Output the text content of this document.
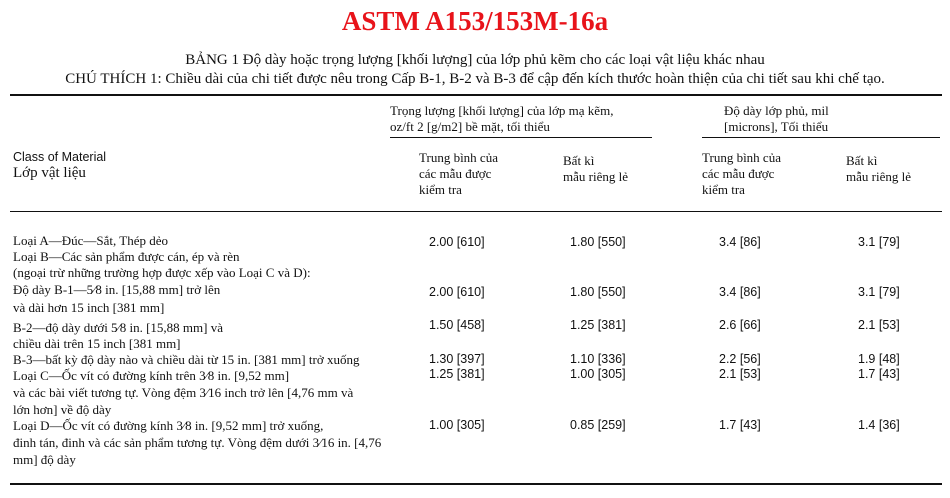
ASTM A153/153M-16a
BẢNG 1 Độ dày hoặc trọng lượng [khối lượng] của lớp phủ kẽm cho các loại vật liệu khác nhau
CHÚ THÍCH 1: Chiều dài của chi tiết được nêu trong Cấp B-1, B-2 và B-3 để cập đến kích thước hoàn thiện của chi tiết sau khi chế tạo.
Trọng lượng [khối lượng] của lớp mạ kẽm,
oz/ft 2 [g/m2] bề mặt, tối thiểu
Độ dày lớp phủ, mil
[microns], Tối thiểu
Class of Material
Lớp vật liệu
Trung bình của
các mẫu được
kiểm tra
Bất kì
mẫu riêng lẻ
Trung bình của
các mẫu được
kiểm tra
Bất kì
mẫu riêng lẻ
Loại A—Đúc—Sắt, Thép dẻo	2.00 [610]	1.80 [550]	3.4 [86]	3.1 [79]
Loại B—Các sản phẩm được cán, ép và rèn
(ngoại trừ những trường hợp được xếp vào Loại C và D):
Độ dày B-1—5⁄8 in. [15,88 mm] trở lên
và dài hơn 15 inch [381 mm]
2.00 [610]	1.80 [550]	3.4 [86]	3.1 [79]
B-2—độ dày dưới 5⁄8 in. [15,88 mm] và
chiều dài trên 15 inch [381 mm]
1.50 [458]	1.25 [381]	2.6 [66]	2.1 [53]
B-3—bất kỳ độ dày nào và chiều dài từ 15 in. [381 mm] trở xuống	1.30 [397]	1.10 [336]	2.2 [56]	1.9 [48]
Loại C—Ốc vít có đường kính trên 3⁄8 in. [9,52 mm]
và các bài viết tương tự. Vòng đệm 3⁄16 inch trở lên [4,76 mm và
lớn hơn] về độ dày
1.25 [381]	1.00 [305]	2.1 [53]	1.7 [43]
Loại D—Ốc vít có đường kính 3⁄8 in. [9,52 mm] trở xuống,
đinh tán, đinh và các sản phẩm tương tự. Vòng đệm dưới 3⁄16 in. [4,76
mm] độ dày
1.00 [305]	0.85 [259]	1.7 [43]	1.4 [36]
